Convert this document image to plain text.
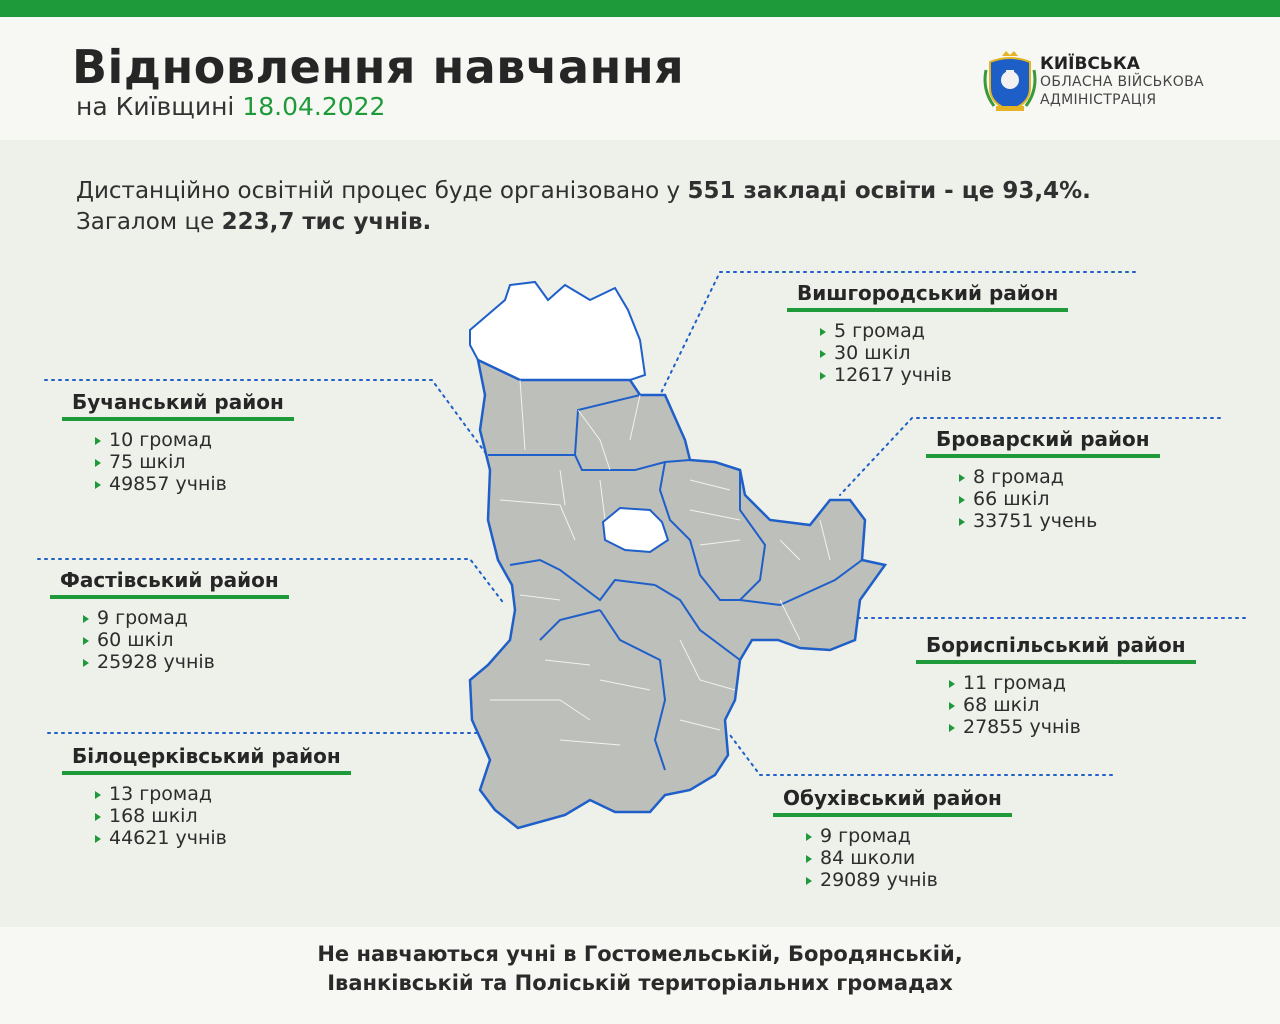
Відновлення навчання
на Київщині 18.04.2022
КИЇВСЬКА
ОБЛАСНА ВІЙСЬКОВА
АДМІНІСТРАЦІЯ
Дистанційно освітній процес буде організовано у 551 закладі освіти - це 93,4%.
Загалом це 223,7 тис учнів.
Вишгородський район
5 громад
30 шкіл
12617 учнів
Бучанський район
10 громад
75 шкіл
49857 учнів
Броварский район
8 громад
66 шкіл
33751 учень
Фастівський район
9 громад
60 шкіл
25928 учнів
Бориспільський район
11 громад
68 шкіл
27855 учнів
Білоцерківський район
13 громад
168 шкіл
44621 учнів
Обухівський район
9 громад
84 школи
29089 учнів
Не навчаються учні в Гостомельській, Бородянській,
Іванківській та Поліській територіальних громадах
